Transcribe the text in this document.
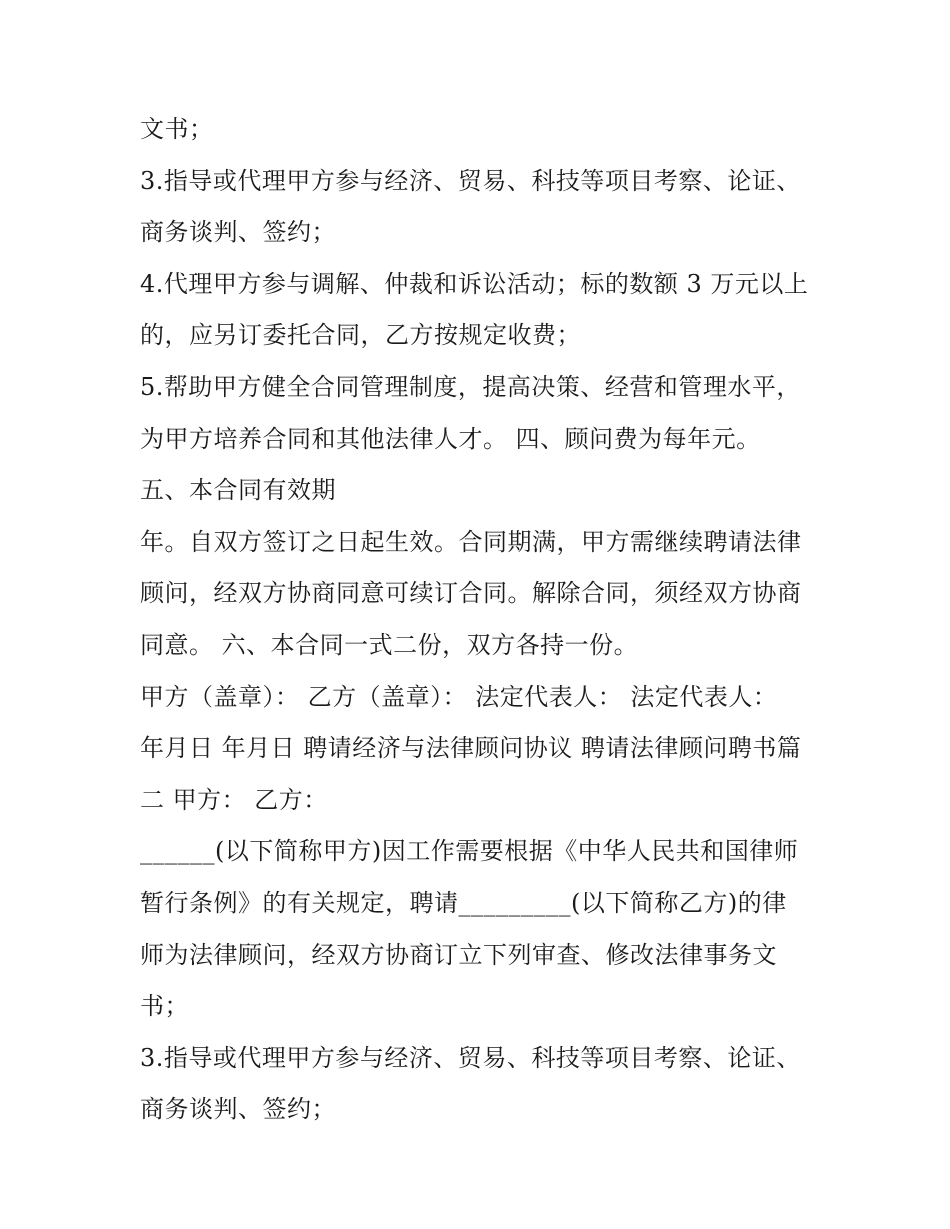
文书；
3.指导或代理甲方参与经济、贸易、科技等项目考察、论证、
商务谈判、签约；
4.代理甲方参与调解、仲裁和诉讼活动；标的数额 3 万元以上
的，应另订委托合同，乙方按规定收费；
5.帮助甲方健全合同管理制度，提高决策、经营和管理水平，
为甲方培养合同和其他法律人才。 四、顾问费为每年元。
五、本合同有效期
年。自双方签订之日起生效。合同期满，甲方需继续聘请法律
顾问，经双方协商同意可续订合同。解除合同，须经双方协商
同意。 六、本合同一式二份，双方各持一份。
甲方（盖章）： 乙方（盖章）： 法定代表人： 法定代表人：
年月日 年月日 聘请经济与法律顾问协议 聘请法律顾问聘书篇
二 甲方： 乙方：
______(以下简称甲方)因工作需要根据《中华人民共和国律师
暂行条例》的有关规定，聘请_________(以下简称乙方)的律
师为法律顾问，经双方协商订立下列审查、修改法律事务文
书；
3.指导或代理甲方参与经济、贸易、科技等项目考察、论证、
商务谈判、签约；
